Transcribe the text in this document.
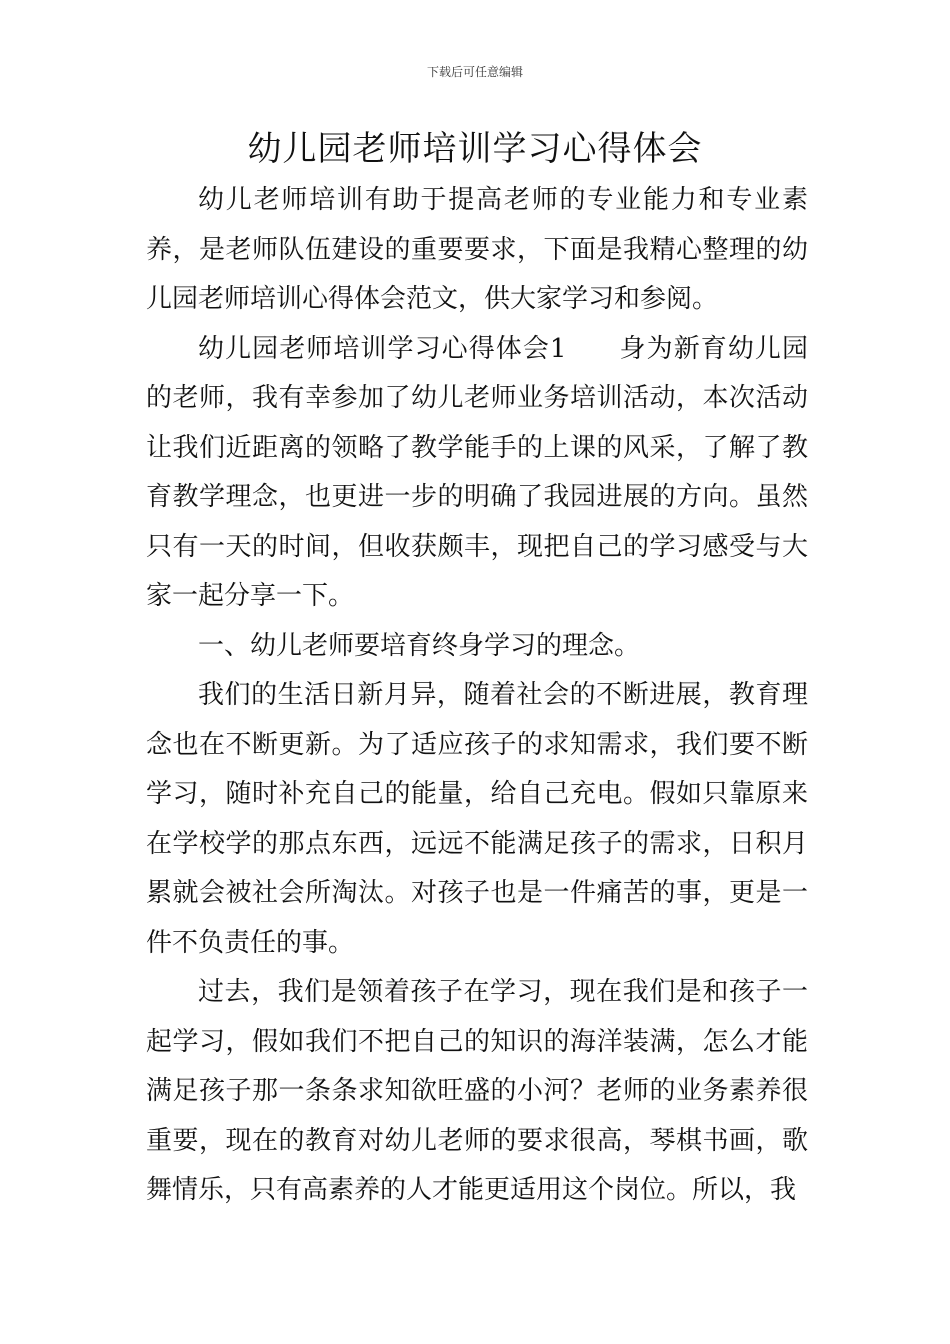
下载后可任意编辑
幼儿园老师培训学习心得体会

幼儿老师培训有助于提高老师的专业能力和专业素养，是老师队伍建设的重要要求，下面是我精心整理的幼儿园老师培训心得体会范文，供大家学习和参阅。

幼儿园老师培训学习心得体会1 身为新育幼儿园的老师，我有幸参加了幼儿老师业务培训活动，本次活动让我们近距离的领略了教学能手的上课的风采，了解了教育教学理念，也更进一步的明确了我园进展的方向。虽然只有一天的时间，但收获颇丰，现把自己的学习感受与大家一起分享一下。

一、幼儿老师要培育终身学习的理念。

我们的生活日新月异，随着社会的不断进展，教育理念也在不断更新。为了适应孩子的求知需求，我们要不断学习，随时补充自己的能量，给自己充电。假如只靠原来在学校学的那点东西，远远不能满足孩子的需求，日积月累就会被社会所淘汰。对孩子也是一件痛苦的事，更是一件不负责任的事。

过去，我们是领着孩子在学习，现在我们是和孩子一起学习，假如我们不把自己的知识的海洋装满，怎么才能满足孩子那一条条求知欲旺盛的小河？老师的业务素养很重要，现在的教育对幼儿老师的要求很高，琴棋书画，歌舞情乐，只有高素养的人才能更适用这个岗位。所以，我
